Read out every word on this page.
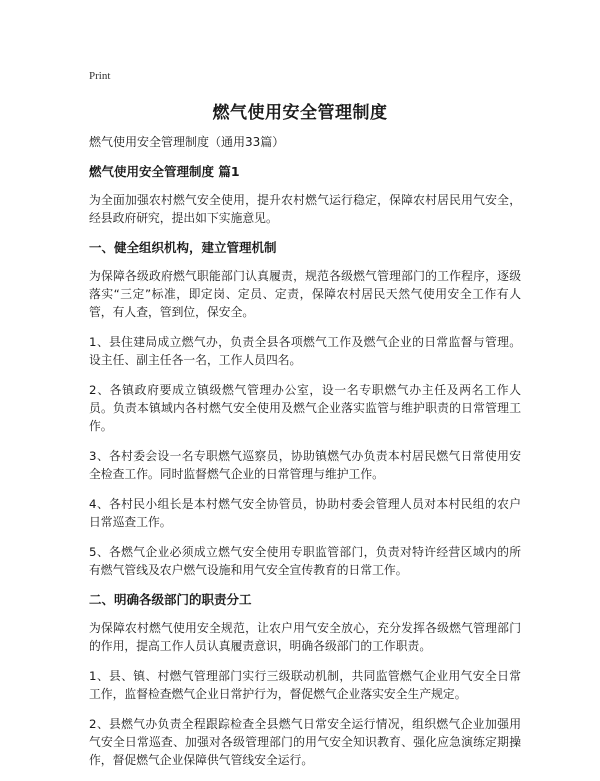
Print
燃气使用安全管理制度
燃气使用安全管理制度（通用33篇）
燃气使用安全管理制度 篇1
为全面加强农村燃气安全使用，提升农村燃气运行稳定，保障农村居民用气安全，经县政府研究，提出如下实施意见。
一、健全组织机构，建立管理机制
为保障各级政府燃气职能部门认真履责，规范各级燃气管理部门的工作程序，逐级落实“三定”标准，即定岗、定员、定责，保障农村居民天然气使用安全工作有人管，有人查，管到位，保安全。
1、县住建局成立燃气办，负责全县各项燃气工作及燃气企业的日常监督与管理。设主任、副主任各一名，工作人员四名。
2、各镇政府要成立镇级燃气管理办公室，设一名专职燃气办主任及两名工作人员。负责本镇域内各村燃气安全使用及燃气企业落实监管与维护职责的日常管理工作。
3、各村委会设一名专职燃气巡察员，协助镇燃气办负责本村居民燃气日常使用安全检查工作。同时监督燃气企业的日常管理与维护工作。
4、各村民小组长是本村燃气安全协管员，协助村委会管理人员对本村民组的农户日常巡查工作。
5、各燃气企业必须成立燃气安全使用专职监管部门，负责对特许经营区域内的所有燃气管线及农户燃气设施和用气安全宣传教育的日常工作。
二、明确各级部门的职责分工
为保障农村燃气使用安全规范，让农户用气安全放心，充分发挥各级燃气管理部门的作用，提高工作人员认真履责意识，明确各级部门的工作职责。
1、县、镇、村燃气管理部门实行三级联动机制，共同监管燃气企业用气安全日常工作，监督检查燃气企业日常护行为，督促燃气企业落实安全生产规定。
2、县燃气办负责全程跟踪检查全县燃气日常安全运行情况，组织燃气企业加强用气安全日常巡查、加强对各级管理部门的用气安全知识教育、强化应急演练定期操作，督促燃气企业保障供气管线安全运行。
